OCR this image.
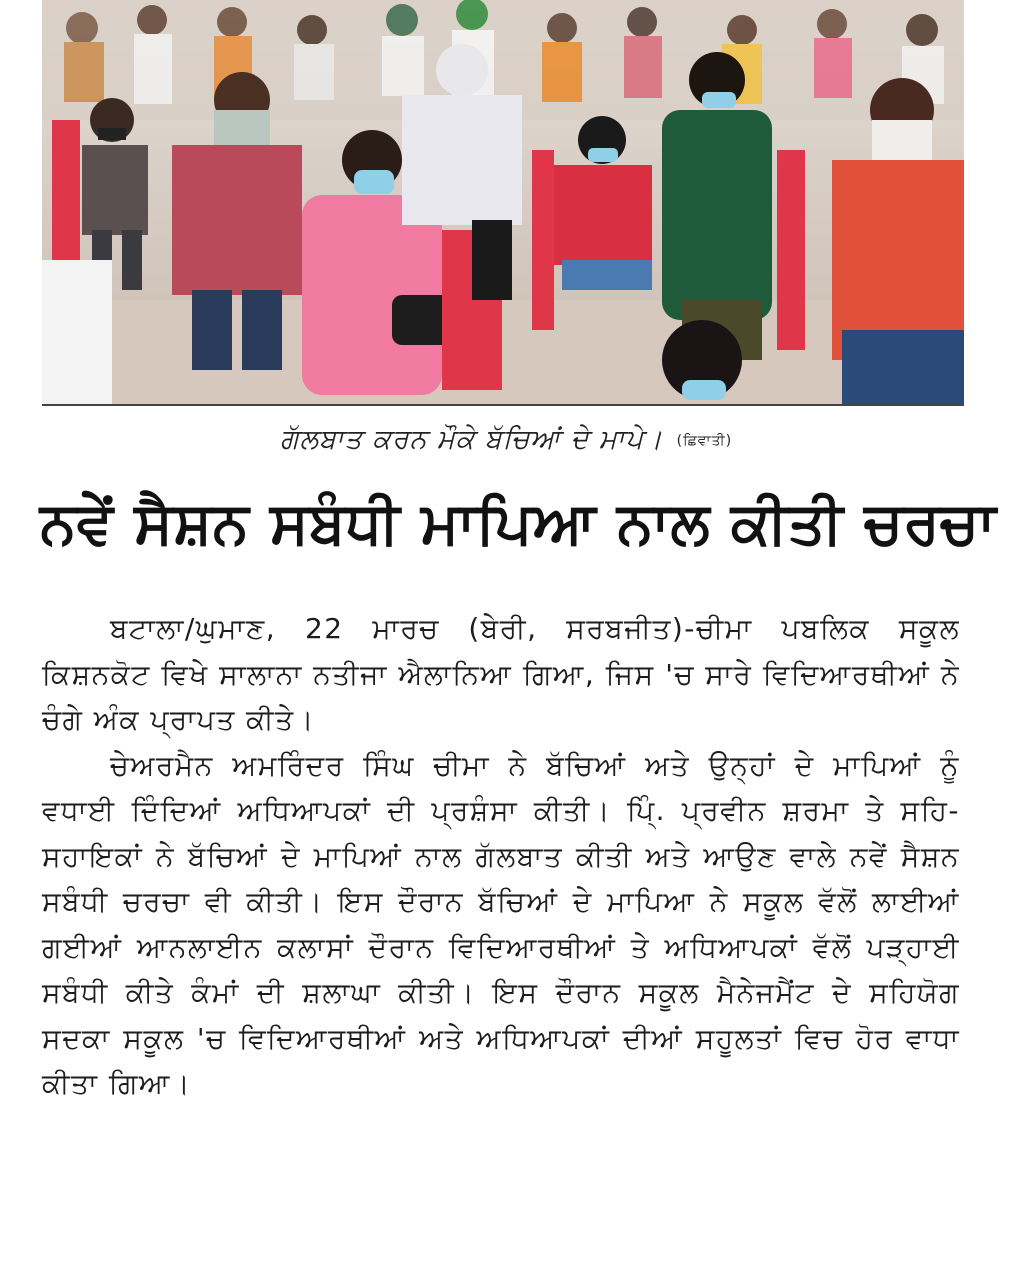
ਗੱਲਬਾਤ ਕਰਨ ਮੌਕੇ ਬੱਚਿਆਂ ਦੇ ਮਾਪੇ। (ਛਿਵਾਤੀ)
ਨਵੇਂ ਸੈਸ਼ਨ ਸਬੰਧੀ ਮਾਪਿਆ ਨਾਲ ਕੀਤੀ ਚਰਚਾ

ਬਟਾਲਾ/ਘੁਮਾਣ, 22 ਮਾਰਚ (ਬੇਰੀ, ਸਰਬਜੀਤ)-ਚੀਮਾ ਪਬਲਿਕ ਸਕੂਲ ਕਿਸ਼ਨਕੋਟ ਵਿਖੇ ਸਾਲਾਨਾ ਨਤੀਜਾ ਐਲਾਨਿਆ ਗਿਆ, ਜਿਸ 'ਚ ਸਾਰੇ ਵਿਦਿਆਰਥੀਆਂ ਨੇ ਚੰਗੇ ਅੰਕ ਪ੍ਰਾਪਤ ਕੀਤੇ।

ਚੇਅਰਮੈਨ ਅਮਰਿੰਦਰ ਸਿੰਘ ਚੀਮਾ ਨੇ ਬੱਚਿਆਂ ਅਤੇ ਉਨ੍ਹਾਂ ਦੇ ਮਾਪਿਆਂ ਨੂੰ ਵਧਾਈ ਦਿੰਦਿਆਂ ਅਧਿਆਪਕਾਂ ਦੀ ਪ੍ਰਸ਼ੰਸਾ ਕੀਤੀ। ਪਿ੍ੰ. ਪ੍ਰਵੀਨ ਸ਼ਰਮਾ ਤੇ ਸਹਿ-ਸਹਾਇਕਾਂ ਨੇ ਬੱਚਿਆਂ ਦੇ ਮਾਪਿਆਂ ਨਾਲ ਗੱਲਬਾਤ ਕੀਤੀ ਅਤੇ ਆਉਣ ਵਾਲੇ ਨਵੇਂ ਸੈਸ਼ਨ ਸਬੰਧੀ ਚਰਚਾ ਵੀ ਕੀਤੀ। ਇਸ ਦੌਰਾਨ ਬੱਚਿਆਂ ਦੇ ਮਾਪਿਆ ਨੇ ਸਕੂਲ ਵੱਲੋਂ ਲਾਈਆਂ ਗਈਆਂ ਆਨਲਾਈਨ ਕਲਾਸਾਂ ਦੌਰਾਨ ਵਿਦਿਆਰਥੀਆਂ ਤੇ ਅਧਿਆਪਕਾਂ ਵੱਲੋਂ ਪੜ੍ਹਾਈ ਸਬੰਧੀ ਕੀਤੇ ਕੰਮਾਂ ਦੀ ਸ਼ਲਾਘਾ ਕੀਤੀ। ਇਸ ਦੌਰਾਨ ਸਕੂਲ ਮੈਨੇਜਮੈਂਟ ਦੇ ਸਹਿਯੋਗ ਸਦਕਾ ਸਕੂਲ 'ਚ ਵਿਦਿਆਰਥੀਆਂ ਅਤੇ ਅਧਿਆਪਕਾਂ ਦੀਆਂ ਸਹੂਲਤਾਂ ਵਿਚ ਹੋਰ ਵਾਧਾ ਕੀਤਾ ਗਿਆ।
